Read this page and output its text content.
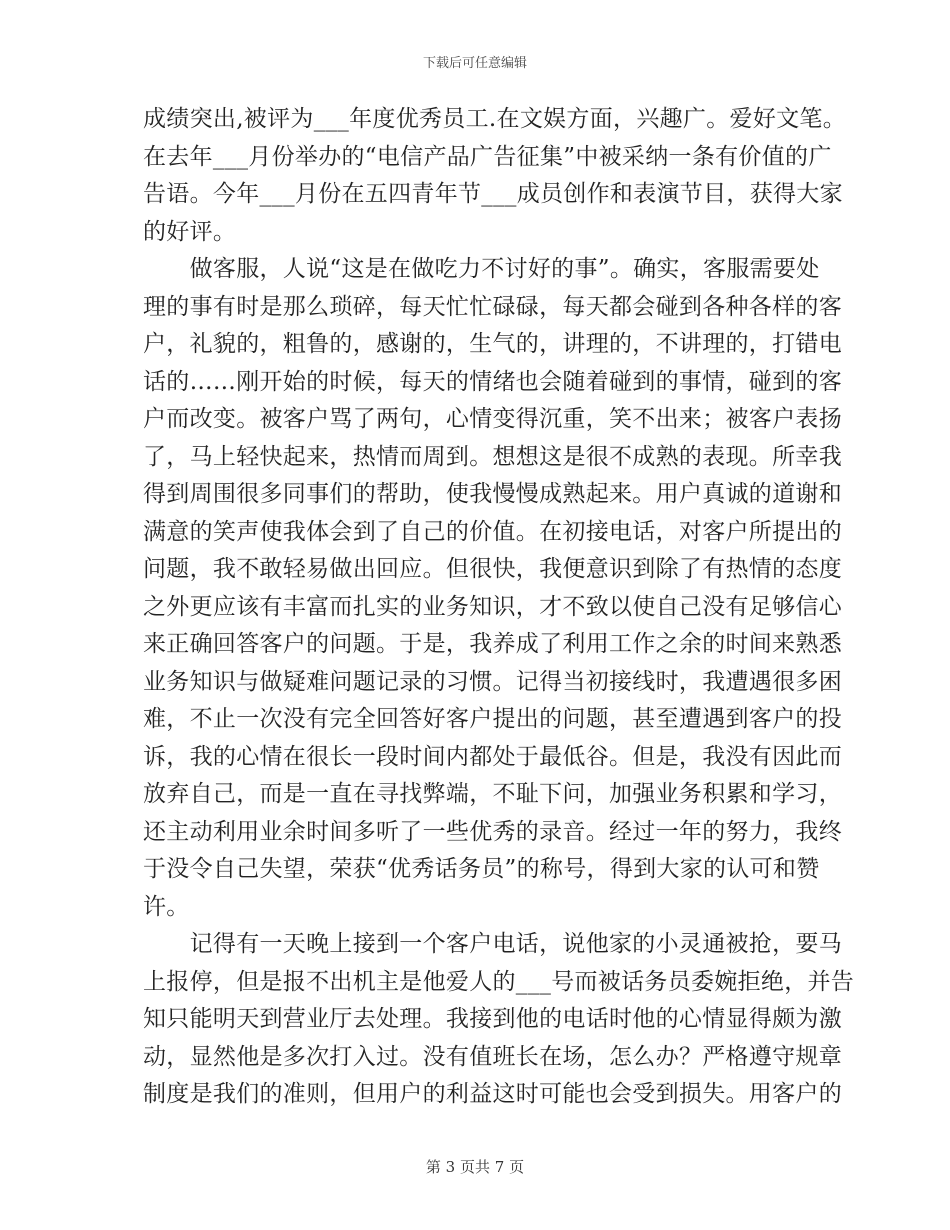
下载后可任意编辑
成绩突出,被评为___年度优秀员工.在文娱方面，兴趣广。爱好文笔。
在去年___月份举办的“电信产品广告征集”中被采纳一条有价值的广
告语。今年___月份在五四青年节___成员创作和表演节目，获得大家
的好评。
　　做客服，人说“这是在做吃力不讨好的事”。确实，客服需要处
理的事有时是那么琐碎，每天忙忙碌碌，每天都会碰到各种各样的客
户，礼貌的，粗鲁的，感谢的，生气的，讲理的，不讲理的，打错电
话的……刚开始的时候，每天的情绪也会随着碰到的事情，碰到的客
户而改变。被客户骂了两句，心情变得沉重，笑不出来；被客户表扬
了，马上轻快起来，热情而周到。想想这是很不成熟的表现。所幸我
得到周围很多同事们的帮助，使我慢慢成熟起来。用户真诚的道谢和
满意的笑声使我体会到了自己的价值。在初接电话，对客户所提出的
问题，我不敢轻易做出回应。但很快，我便意识到除了有热情的态度
之外更应该有丰富而扎实的业务知识，才不致以使自己没有足够信心
来正确回答客户的问题。于是，我养成了利用工作之余的时间来熟悉
业务知识与做疑难问题记录的习惯。记得当初接线时，我遭遇很多困
难，不止一次没有完全回答好客户提出的问题，甚至遭遇到客户的投
诉，我的心情在很长一段时间内都处于最低谷。但是，我没有因此而
放弃自己，而是一直在寻找弊端，不耻下问，加强业务积累和学习，
还主动利用业余时间多听了一些优秀的录音。经过一年的努力，我终
于没令自己失望，荣获“优秀话务员”的称号，得到大家的认可和赞
许。
　　记得有一天晚上接到一个客户电话，说他家的小灵通被抢，要马
上报停，但是报不出机主是他爱人的___号而被话务员委婉拒绝，并告
知只能明天到营业厅去处理。我接到他的电话时他的心情显得颇为激
动，显然他是多次打入过。没有值班长在场，怎么办？严格遵守规章
制度是我们的准则，但用户的利益这时可能也会受到损失。用客户的
第 3 页共 7 页
